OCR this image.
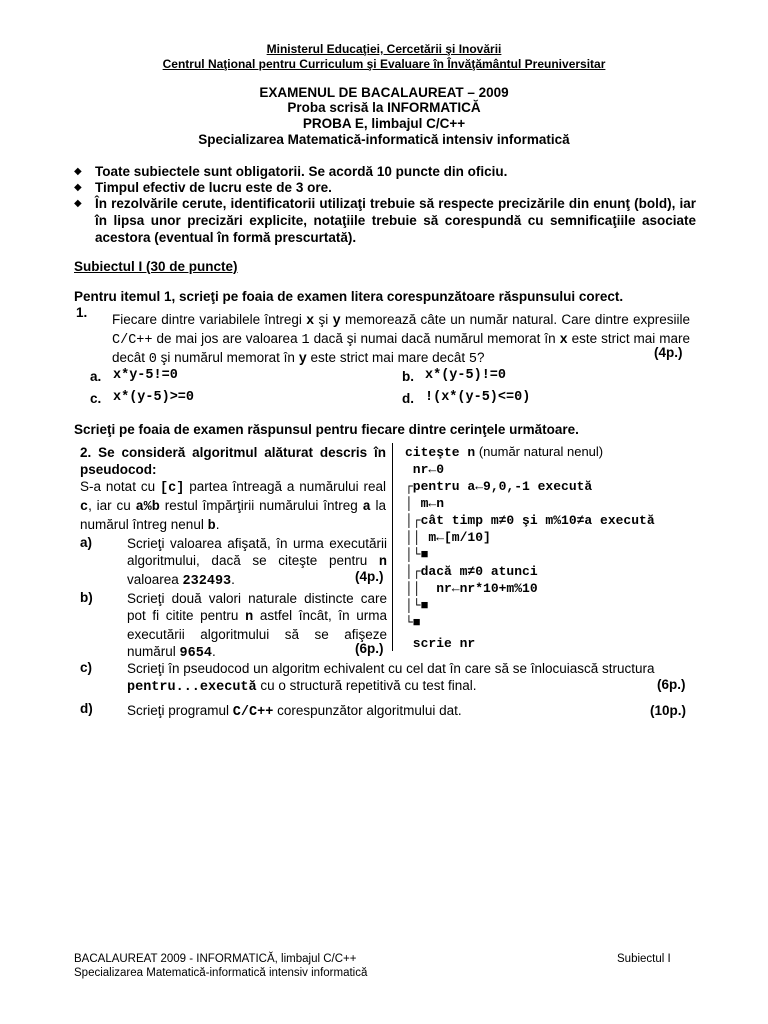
Ministerul Educaţiei, Cercetării şi Inovării
Centrul Naţional pentru Curriculum şi Evaluare în Învăţământul Preuniversitar
EXAMENUL DE BACALAUREAT – 2009
Proba scrisă la INFORMATICĂ
PROBA E, limbajul C/C++
Specializarea Matematică-informatică intensiv informatică
◆ Toate subiectele sunt obligatorii. Se acordă 10 puncte din oficiu.
◆ Timpul efectiv de lucru este de 3 ore.
◆ În rezolvările cerute, identificatorii utilizaţi trebuie să respecte precizările din enunţ (bold), iar în lipsa unor precizări explicite, notaţiile trebuie să corespundă cu semnificaţiile asociate acestora (eventual în formă prescurtată).
Subiectul I (30 de puncte)
Pentru itemul 1, scrieţi pe foaia de examen litera corespunzătoare răspunsului corect.
1. Fiecare dintre variabilele întregi x şi y memorează câte un număr natural. Care dintre expresiile C/C++ de mai jos are valoarea 1 dacă şi numai dacă numărul memorat în x este strict mai mare decât 0 şi numărul memorat în y este strict mai mare decât 5?	(4p.)
a. x*y-5!=0	b. x*(y-5)!=0
c. x*(y-5)>=0	d. !(x*(y-5)<=0)
Scrieţi pe foaia de examen răspunsul pentru fiecare dintre cerinţele următoare.
2. Se consideră algoritmul alăturat descris în pseudocod:
S-a notat cu [c] partea întreagă a numărului real c, iar cu a%b restul împărţirii numărului întreg a la numărul întreg nenul b.
a)	Scrieţi valoarea afişată, în urma executării algoritmului, dacă se citeşte pentru n valoarea 232493.	(4p.)
b)	Scrieţi două valori naturale distincte care pot fi citite pentru n astfel încât, în urma executării algoritmului să se afişeze numărul 9654.	(6p.)
citeşte n (număr natural nenul)
nr←0
┌pentru a←9,0,-1 execută
│ m←n
│┌cât timp m≠0 şi m%10≠a execută
││ m←[m/10]
│└■
│┌dacă m≠0 atunci
││  nr←nr*10+m%10
│└■
└■
scrie nr
c)	Scrieţi în pseudocod un algoritm echivalent cu cel dat în care să se înlocuiască structura pentru...execută cu o structură repetitivă cu test final.	(6p.)
d)	Scrieţi programul C/C++ corespunzător algoritmului dat.	(10p.)
BACALAUREAT 2009 - INFORMATICĂ, limbajul C/C++
Specializarea Matematică-informatică intensiv informatică
Subiectul I
